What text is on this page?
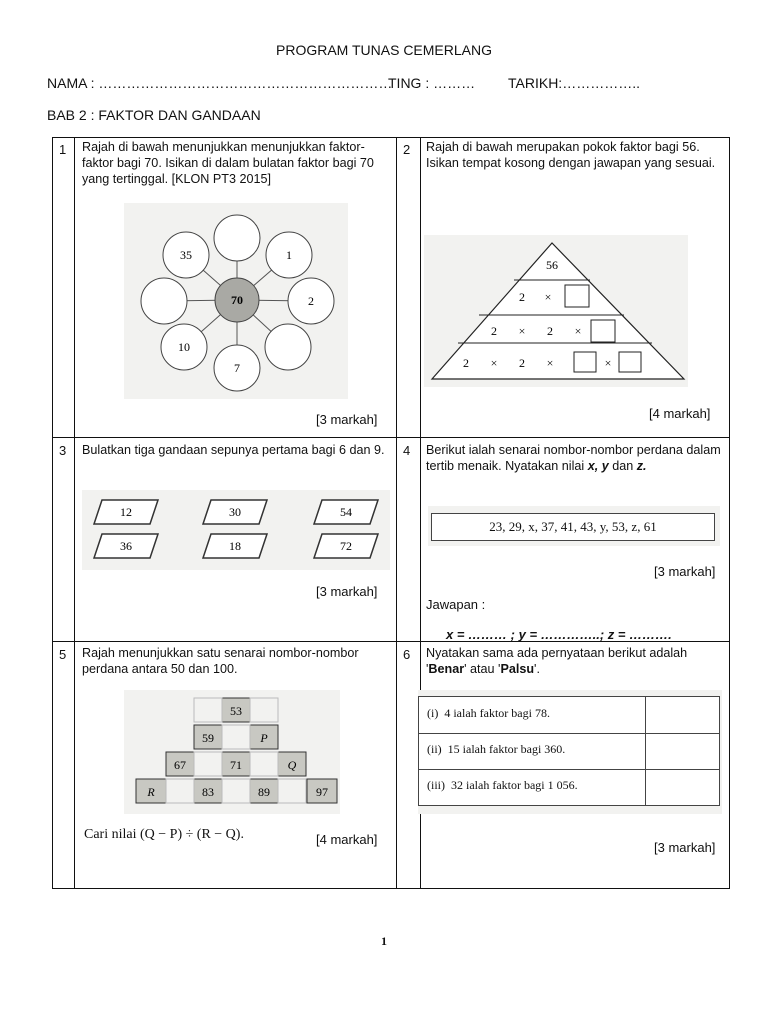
PROGRAM TUNAS CEMERLANG
NAMA : ………………………………………………………
TING : ……… TARIKH:……………..
BAB 2 : FAKTOR DAN GANDAAN
1 Rajah di bawah menunjukkan menunjukkan faktor-faktor bagi 70. Isikan di dalam bulatan faktor bagi 70 yang tertinggal. [KLON PT3 2015]
35	1
2
7
10
70
[3 markah]
2 Rajah di bawah merupakan pokok faktor bagi 56. Isikan tempat kosong dengan jawapan yang sesuai.
56
2 ×
2 × 2 ×
2 × 2 ×	×
[4 markah]
3 Bulatkan tiga gandaan sepunya pertama bagi 6 dan 9.
12	30	54
36	18	72
[3 markah]
4 Berikut ialah senarai nombor-nombor perdana dalam tertib menaik. Nyatakan nilai x, y dan z.
23, 29, x, 37, 41, 43, y, 53, z, 61
[3 markah]
Jawapan :
x = ……… ; y = …………..; z = ……….
5 Rajah menunjukkan satu senarai nombor-nombor perdana antara 50 dan 100.
53
59	P
67	71	Q
R	83	89	97
Cari nilai (Q − P) ÷ (R − Q).	[4 markah]
6 Nyatakan sama ada pernyataan berikut adalah 'Benar' atau 'Palsu'.
(i) 4 ialah faktor bagi 78.
(ii) 15 ialah faktor bagi 360.
(iii) 32 ialah faktor bagi 1 056.
[3 markah]
1
